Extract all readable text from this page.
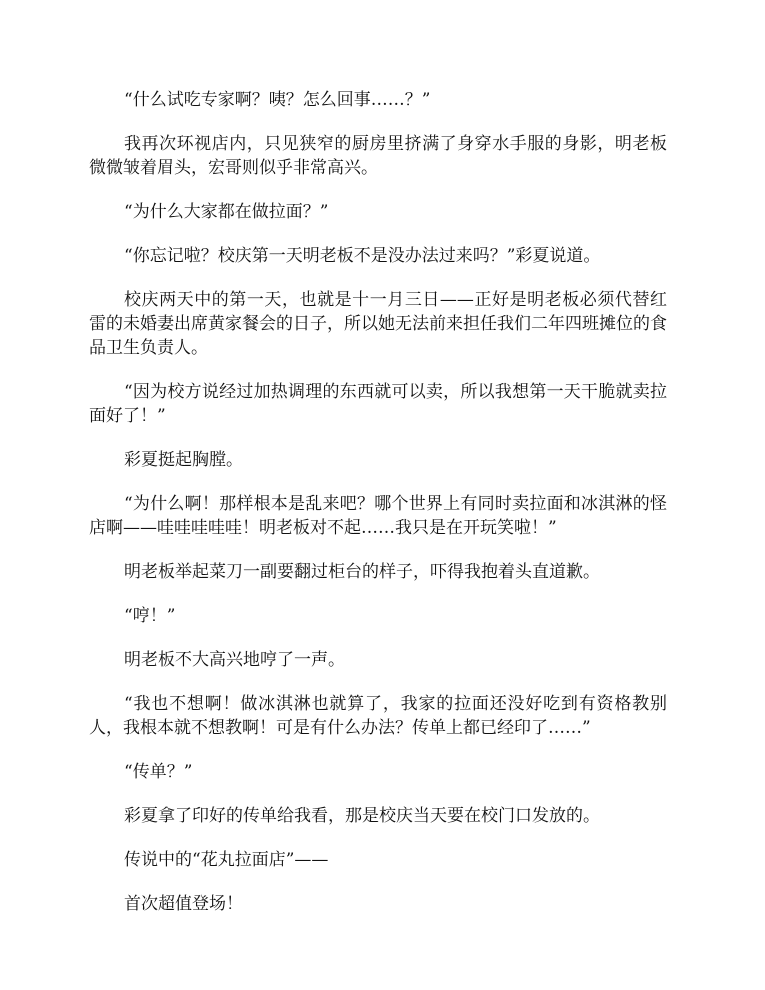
“什么试吃专家啊？咦？怎么回事……？”

我再次环视店内，只见狭窄的厨房里挤满了身穿水手服的身影，明老板微微皱着眉头，宏哥则似乎非常高兴。

“为什么大家都在做拉面？”

“你忘记啦？校庆第一天明老板不是没办法过来吗？”彩夏说道。

校庆两天中的第一天，也就是十一月三日——正好是明老板必须代替红雷的未婚妻出席黄家餐会的日子，所以她无法前来担任我们二年四班摊位的食品卫生负责人。

“因为校方说经过加热调理的东西就可以卖，所以我想第一天干脆就卖拉面好了！”

彩夏挺起胸膛。

“为什么啊！那样根本是乱来吧？哪个世界上有同时卖拉面和冰淇淋的怪店啊——哇哇哇哇哇！明老板对不起……我只是在开玩笑啦！”

明老板举起菜刀一副要翻过柜台的样子，吓得我抱着头直道歉。

“哼！”

明老板不大高兴地哼了一声。

“我也不想啊！做冰淇淋也就算了，我家的拉面还没好吃到有资格教别人，我根本就不想教啊！可是有什么办法？传单上都已经印了……”

“传单？”

彩夏拿了印好的传单给我看，那是校庆当天要在校门口发放的。

传说中的“花丸拉面店”——

首次超值登场！
